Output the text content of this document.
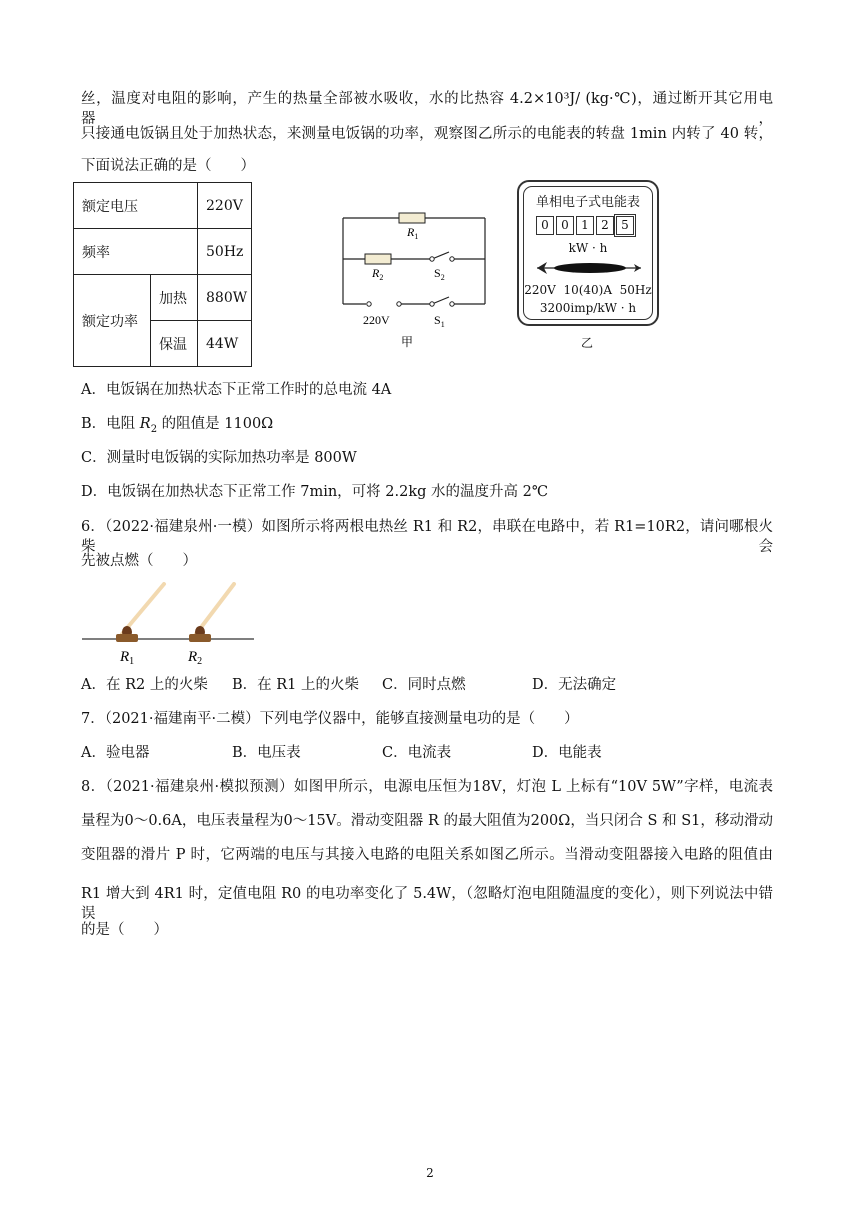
丝，温度对电阻的影响，产生的热量全部被水吸收，水的比热容 4.2×10³J/ (kg·℃)，通过断开其它用电器，
只接通电饭锅且处于加热状态，来测量电饭锅的功率，观察图乙所示的电能表的转盘 1min 内转了 40 转，
下面说法正确的是（　　）
额定电压		220V
频率		50Hz
额定功率	加热	880W
	保温	44W
$R_1$
$R_2$	$S_2$
220V	$S_1$
甲
单相电子式电能表
0	0	1	2	5
kW · h
220V  10(40)A  50Hz
3200imp/kW · h
乙
A．电饭锅在加热状态下正常工作时的总电流 4A
B．电阻 $R_2$ 的阻值是 1100Ω
C．测量时电饭锅的实际加热功率是 800W
D．电饭锅在加热状态下正常工作 7min，可将 2.2kg 水的温度升高 2℃
6．（2022·福建泉州·一模）如图所示将两根电热丝 R1 和 R2，串联在电路中，若 R1=10R2，请问哪根火柴会
先被点燃（　　）
$R_1$	$R_2$
A．在 R2 上的火柴 B．在 R1 上的火柴 C．同时点燃	D．无法确定
7．（2021·福建南平·二模）下列电学仪器中，能够直接测量电功的是（　　）
A．验电器	B．电压表	C．电流表	D．电能表
8．（2021·福建泉州·模拟预测）如图甲所示，电源电压恒为18V，灯泡 L 上标有“10V 5W”字样，电流表
量程为0～0.6A，电压表量程为0～15V。滑动变阻器 R 的最大阻值为200Ω，当只闭合 S 和 S1，移动滑动
变阻器的滑片 P 时，它两端的电压与其接入电路的电阻关系如图乙所示。当滑动变阻器接入电路的阻值由
R1 增大到 4R1 时，定值电阻 R0 的电功率变化了 5.4W，（忽略灯泡电阻随温度的变化），则下列说法中错误
的是（　　）
2
